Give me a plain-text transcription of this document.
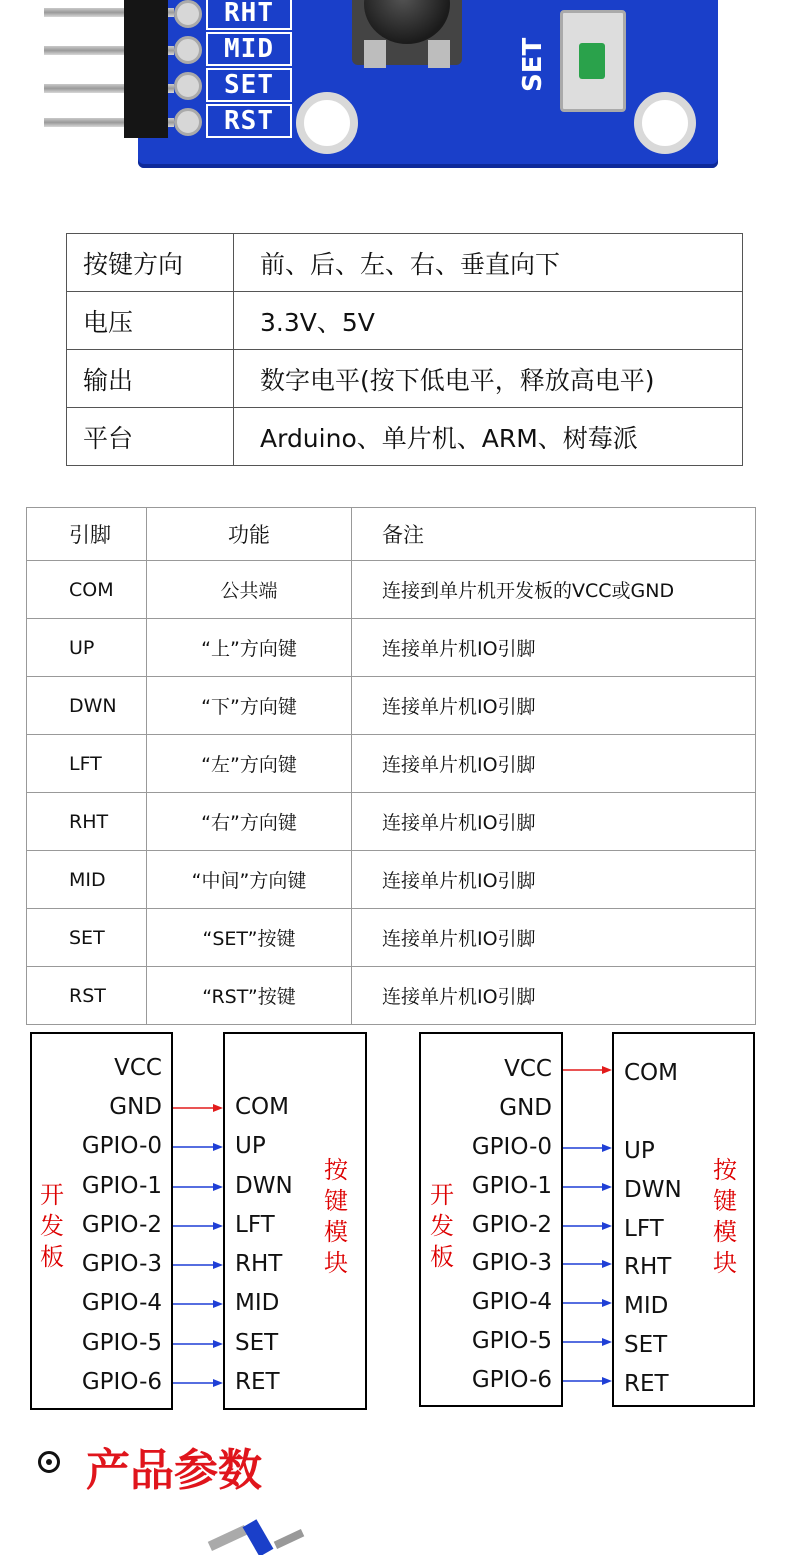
RHT
MID
SET
RST
SET
按键方向	前、后、左、右、垂直向下
电压	3.3V、5V
输出	数字电平(按下低电平，释放高电平)
平台	Arduino、单片机、ARM、树莓派
引脚	功能	备注
COM	公共端	连接到单片机开发板的VCC或GND
UP	“上”方向键	连接单片机IO引脚
DWN	“下”方向键	连接单片机IO引脚
LFT	“左”方向键	连接单片机IO引脚
RHT	“右”方向键	连接单片机IO引脚
MID	“中间”方向键	连接单片机IO引脚
SET	“SET”按键	连接单片机IO引脚
RST	“RST”按键	连接单片机IO引脚
开
发
板
按
键
模
块
开
发
板
按
键
模
块
VCC
GND
GPIO-0
GPIO-1
GPIO-2
GPIO-3
GPIO-4
GPIO-5
GPIO-6
COM
UP
DWN
LFT
RHT
MID
SET
RET
VCC
GND
GPIO-0
GPIO-1
GPIO-2
GPIO-3
GPIO-4
GPIO-5
GPIO-6
COM
UP
DWN
LFT
RHT
MID
SET
RET
产品参数
